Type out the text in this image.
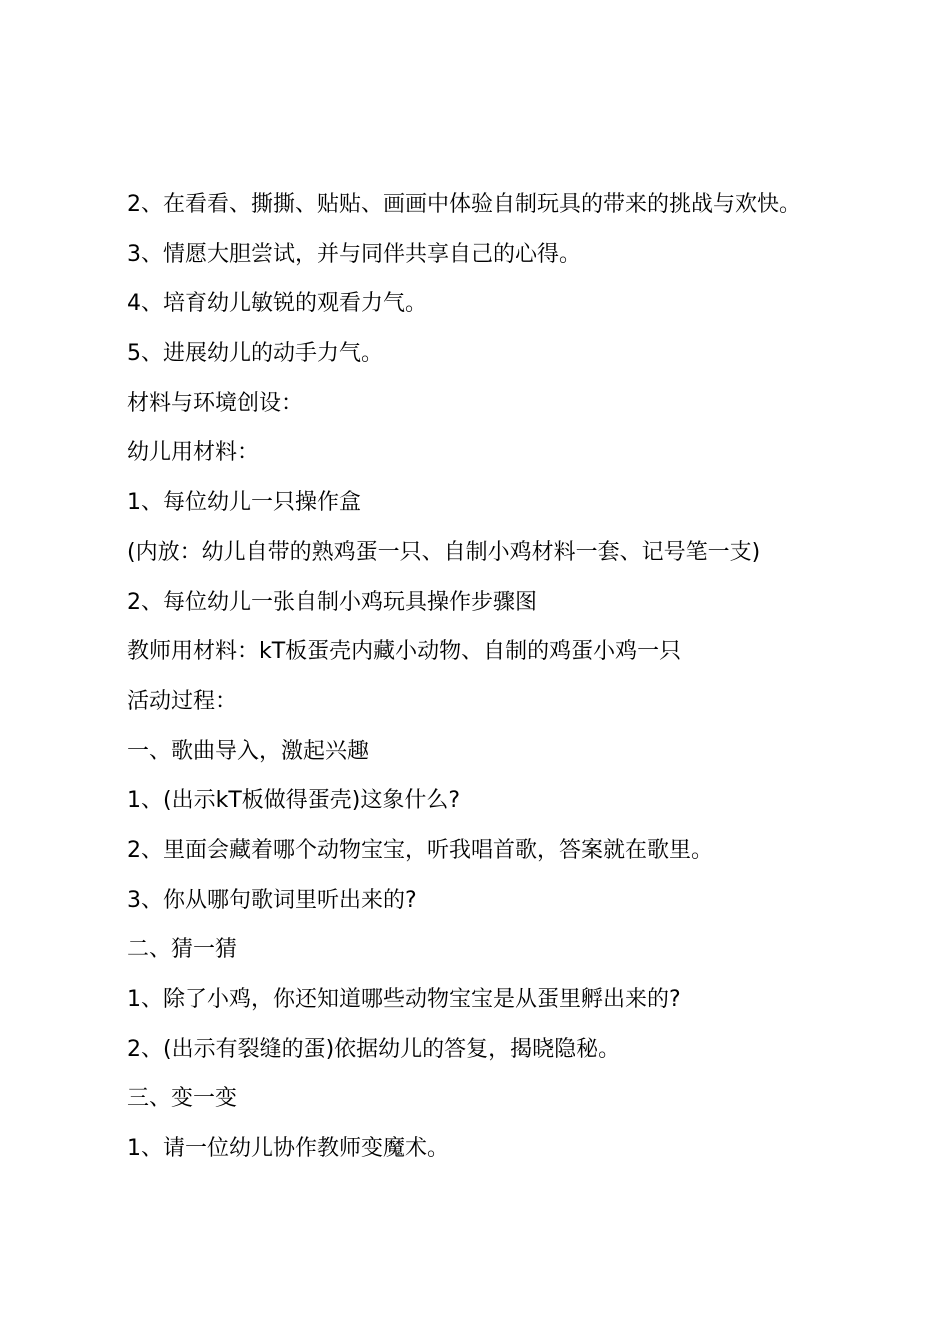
2、在看看、撕撕、贴贴、画画中体验自制玩具的带来的挑战与欢快。
3、情愿大胆尝试，并与同伴共享自己的心得。
4、培育幼儿敏锐的观看力气。
5、进展幼儿的动手力气。
材料与环境创设：
幼儿用材料：
1、每位幼儿一只操作盒
(内放：幼儿自带的熟鸡蛋一只、自制小鸡材料一套、记号笔一支)
2、每位幼儿一张自制小鸡玩具操作步骤图
教师用材料：kT板蛋壳内藏小动物、自制的鸡蛋小鸡一只
活动过程：
一、歌曲导入，激起兴趣
1、(出示kT板做得蛋壳)这象什么?
2、里面会藏着哪个动物宝宝，听我唱首歌，答案就在歌里。
3、你从哪句歌词里听出来的?
二、猜一猜
1、除了小鸡，你还知道哪些动物宝宝是从蛋里孵出来的?
2、(出示有裂缝的蛋)依据幼儿的答复，揭晓隐秘。
三、变一变
1、请一位幼儿协作教师变魔术。
